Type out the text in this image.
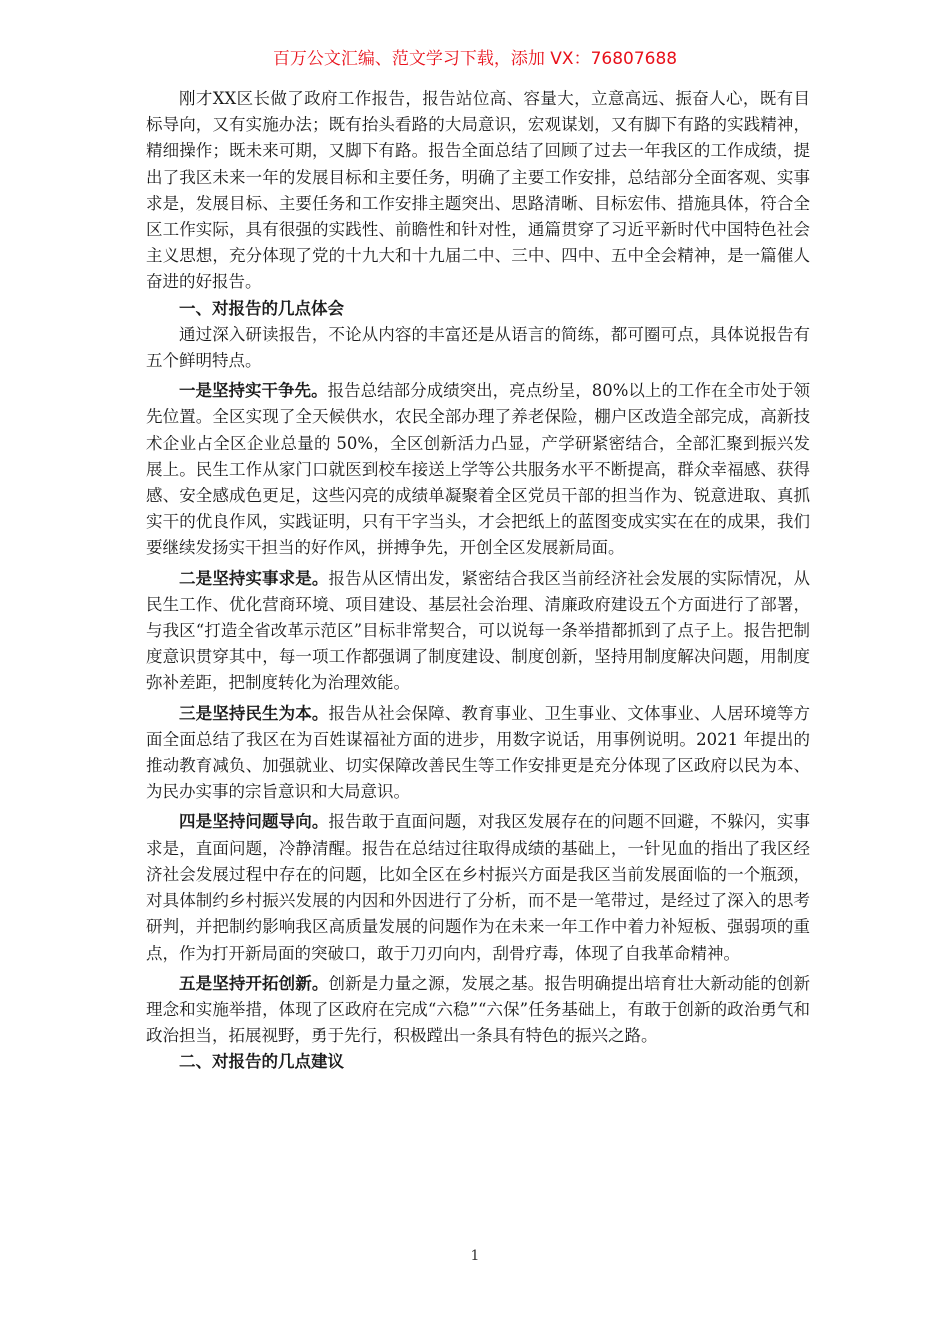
百万公文汇编、范文学习下载，添加 VX：76807688

刚才XX区长做了政府工作报告，报告站位高、容量大，立意高远、振奋人心，既有目标导向，又有实施办法；既有抬头看路的大局意识，宏观谋划，又有脚下有路的实践精神，精细操作；既未来可期，又脚下有路。报告全面总结了回顾了过去一年我区的工作成绩，提出了我区未来一年的发展目标和主要任务，明确了主要工作安排，总结部分全面客观、实事求是，发展目标、主要任务和工作安排主题突出、思路清晰、目标宏伟、措施具体，符合全区工作实际，具有很强的实践性、前瞻性和针对性，通篇贯穿了习近平新时代中国特色社会主义思想，充分体现了党的十九大和十九届二中、三中、四中、五中全会精神，是一篇催人奋进的好报告。

一、对报告的几点体会

通过深入研读报告，不论从内容的丰富还是从语言的简练，都可圈可点，具体说报告有五个鲜明特点。

一是坚持实干争先。报告总结部分成绩突出，亮点纷呈，80%以上的工作在全市处于领先位置。全区实现了全天候供水，农民全部办理了养老保险，棚户区改造全部完成，高新技术企业占全区企业总量的 50%，全区创新活力凸显，产学研紧密结合，全部汇聚到振兴发展上。民生工作从家门口就医到校车接送上学等公共服务水平不断提高，群众幸福感、获得感、安全感成色更足，这些闪亮的成绩单凝聚着全区党员干部的担当作为、锐意进取、真抓实干的优良作风，实践证明，只有干字当头，才会把纸上的蓝图变成实实在在的成果，我们要继续发扬实干担当的好作风，拼搏争先，开创全区发展新局面。

二是坚持实事求是。报告从区情出发，紧密结合我区当前经济社会发展的实际情况，从民生工作、优化营商环境、项目建设、基层社会治理、清廉政府建设五个方面进行了部署，与我区“打造全省改革示范区”目标非常契合，可以说每一条举措都抓到了点子上。报告把制度意识贯穿其中，每一项工作都强调了制度建设、制度创新，坚持用制度解决问题，用制度弥补差距，把制度转化为治理效能。

三是坚持民生为本。报告从社会保障、教育事业、卫生事业、文体事业、人居环境等方面全面总结了我区在为百姓谋福祉方面的进步，用数字说话，用事例说明。2021 年提出的推动教育减负、加强就业、切实保障改善民生等工作安排更是充分体现了区政府以民为本、为民办实事的宗旨意识和大局意识。

四是坚持问题导向。报告敢于直面问题，对我区发展存在的问题不回避，不躲闪，实事求是，直面问题，冷静清醒。报告在总结过往取得成绩的基础上，一针见血的指出了我区经济社会发展过程中存在的问题，比如全区在乡村振兴方面是我区当前发展面临的一个瓶颈，对具体制约乡村振兴发展的内因和外因进行了分析，而不是一笔带过，是经过了深入的思考研判，并把制约影响我区高质量发展的问题作为在未来一年工作中着力补短板、强弱项的重点，作为打开新局面的突破口，敢于刀刃向内，刮骨疗毒，体现了自我革命精神。

五是坚持开拓创新。创新是力量之源，发展之基。报告明确提出培育壮大新动能的创新理念和实施举措，体现了区政府在完成“六稳”“六保”任务基础上，有敢于创新的政治勇气和政治担当，拓展视野，勇于先行，积极蹚出一条具有特色的振兴之路。

二、对报告的几点建议
1
